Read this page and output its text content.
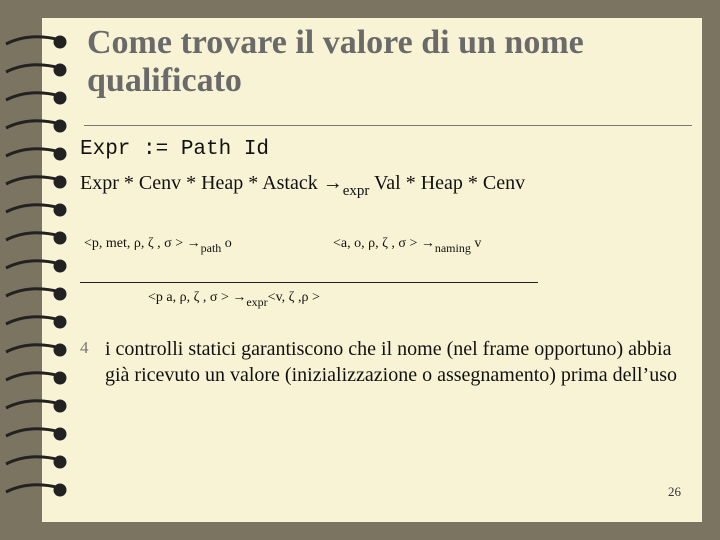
Come trovare il valore di un nome qualificato
Expr := Path Id
Expr * Cenv * Heap * Astack $\to_{expr}$ Val * Heap * Cenv
<p, met, ρ, ζ , σ > →path o	<a, o, ρ, ζ , σ > →naming v
<p a, ρ, ζ , σ > →expr<v, ζ ,ρ >
4 i controlli statici garantiscono che il nome (nel frame opportuno) abbia già ricevuto un valore (inizializzazione o assegnamento) prima dell’uso
26
